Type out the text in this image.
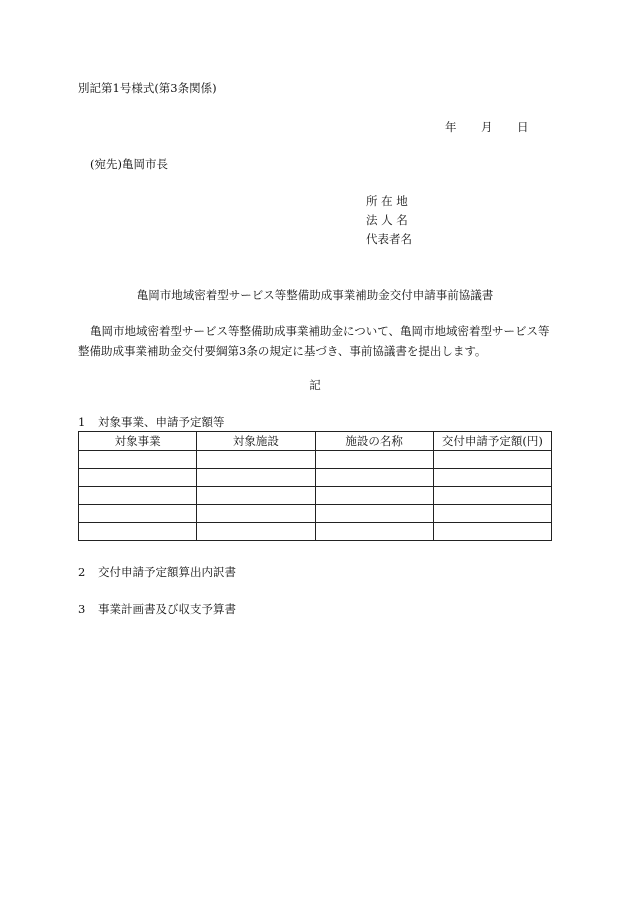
別記第1号様式(第3条関係)
年 月 日
(宛先)亀岡市長
所 在 地
法 人 名
代表者名
亀岡市地域密着型サービス等整備助成事業補助金交付申請事前協議書
亀岡市地域密着型サービス等整備助成事業補助金について、亀岡市地域密着型サービス等整備助成事業補助金交付要綱第3条の規定に基づき、事前協議書を提出します。
記
1 対象事業、申請予定額等
対象事業	対象施設	施設の名称	交付申請予定額(円)

2 交付申請予定額算出内訳書
3 事業計画書及び収支予算書
